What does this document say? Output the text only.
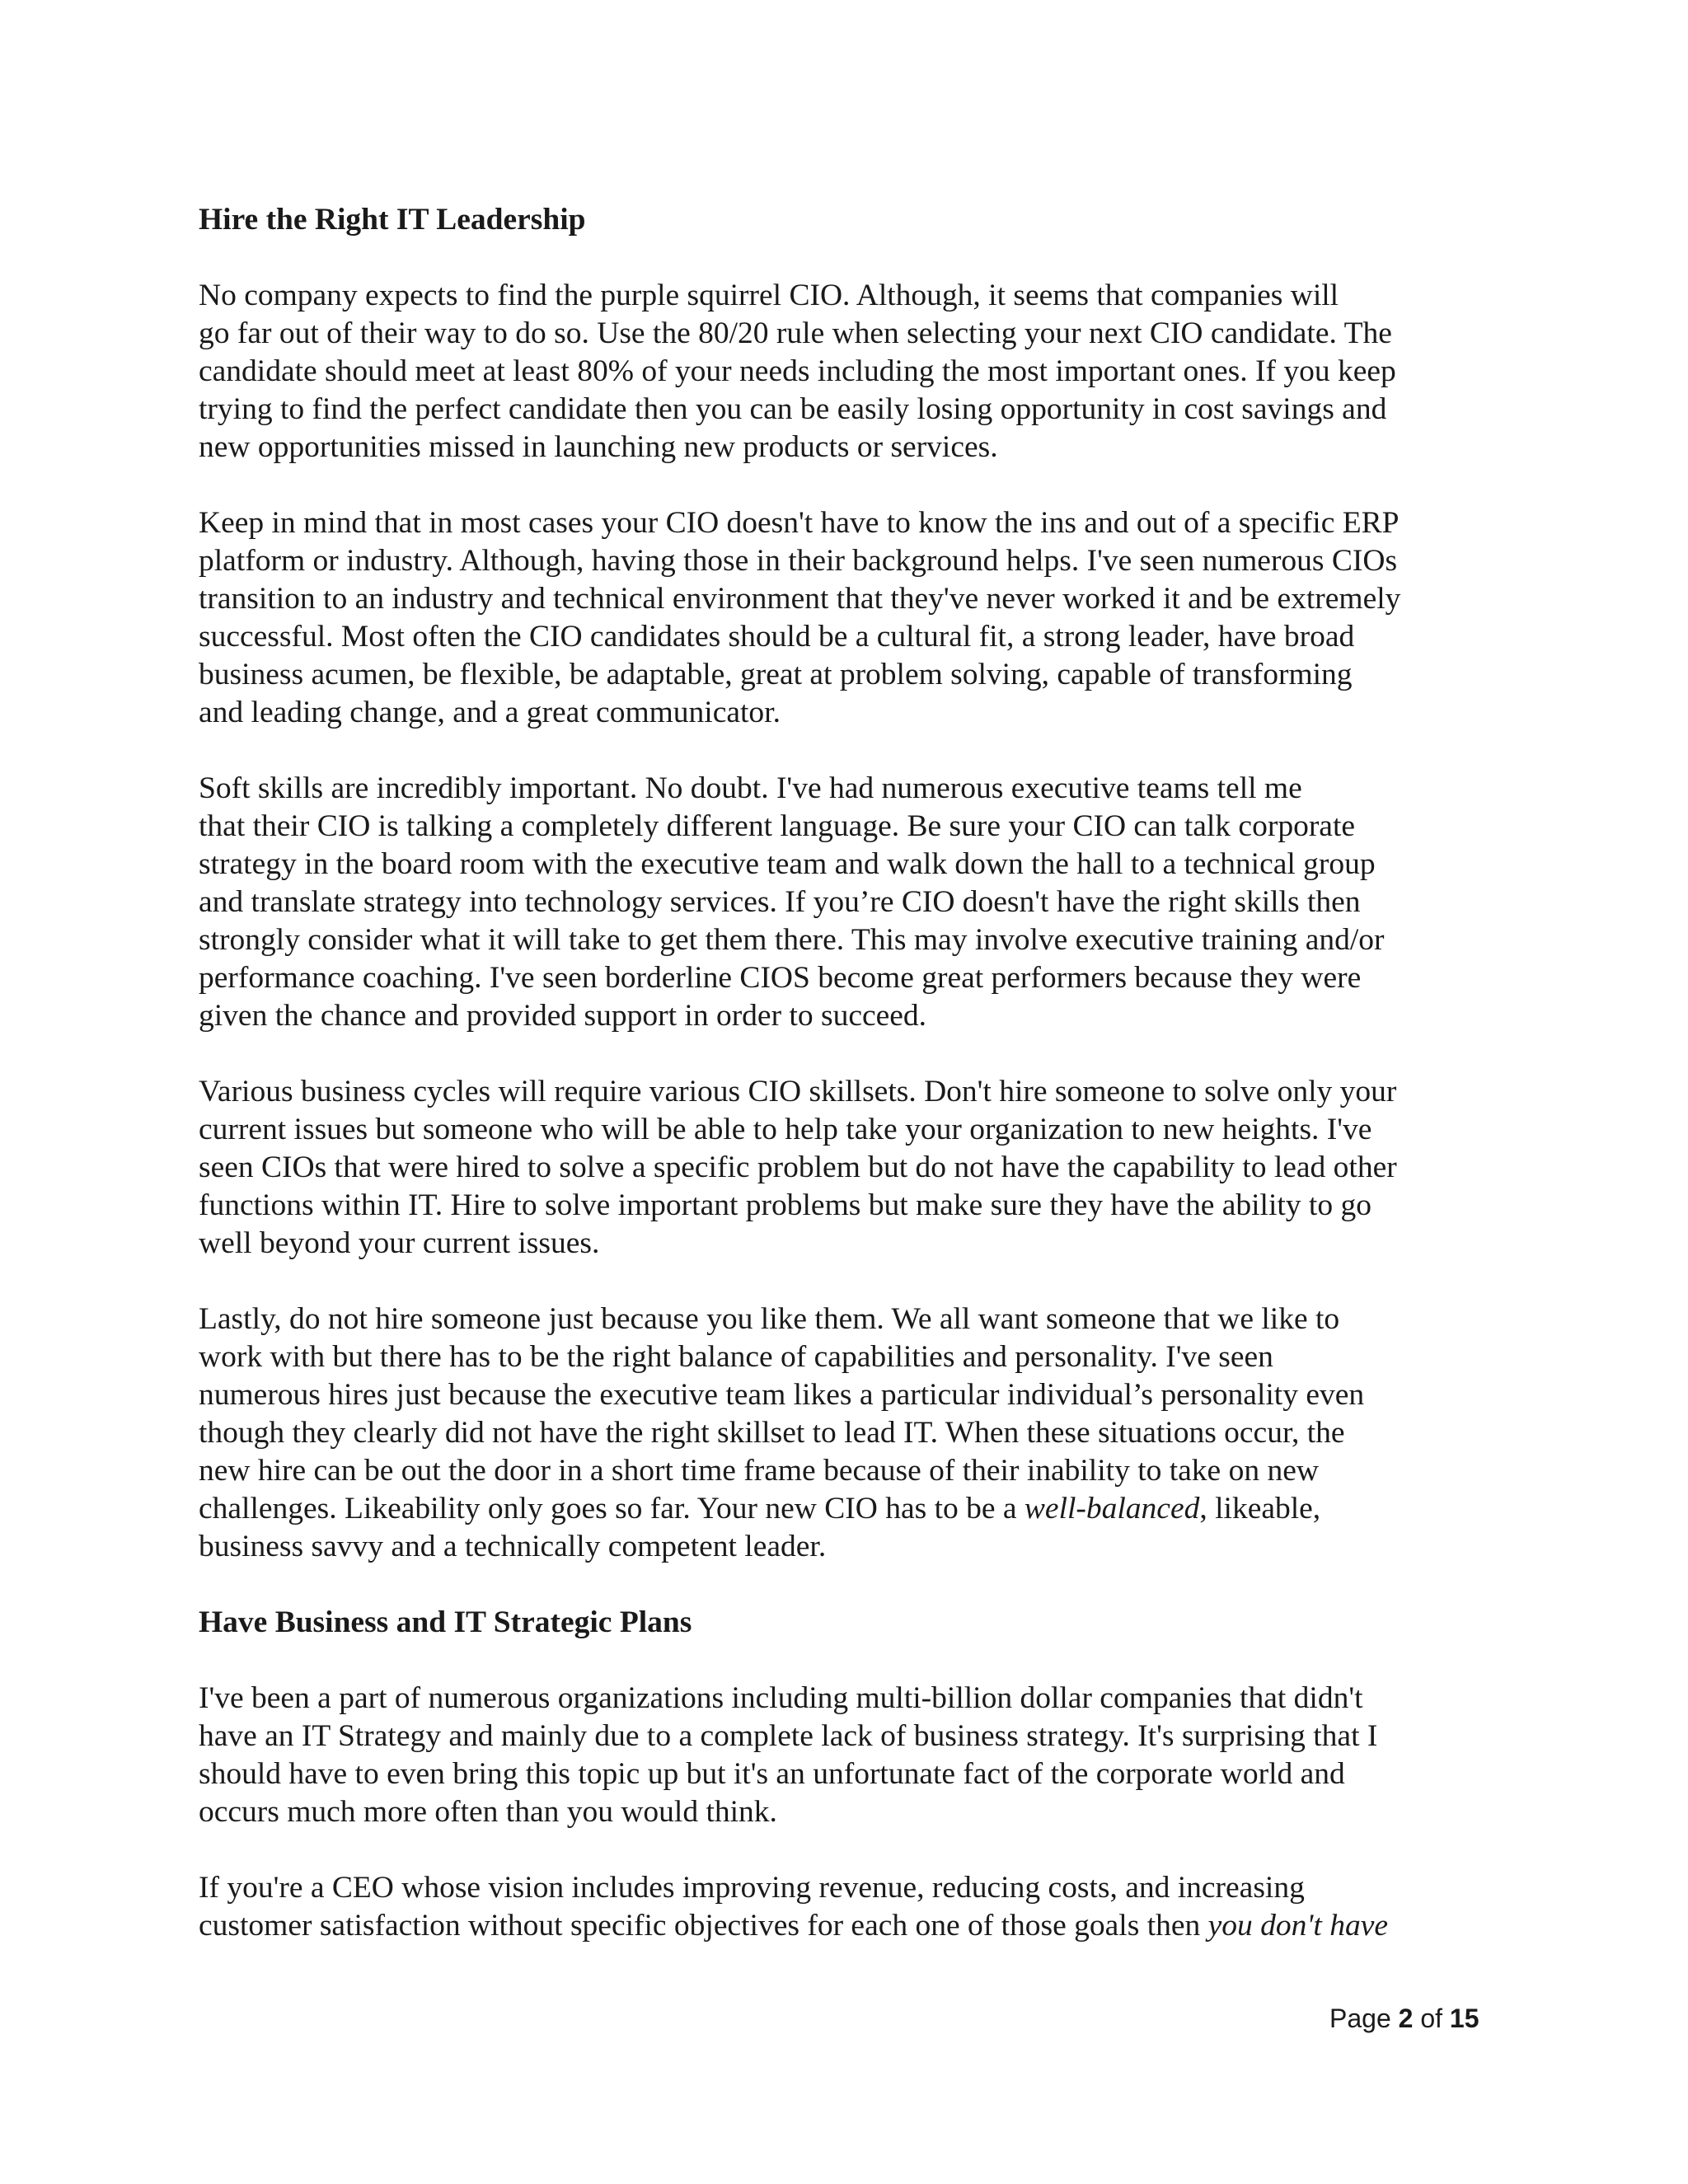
Hire the Right IT Leadership
No company expects to find the purple squirrel CIO. Although, it seems that companies will
go far out of their way to do so. Use the 80/20 rule when selecting your next CIO candidate. The
candidate should meet at least 80% of your needs including the most important ones. If you keep
trying to find the perfect candidate then you can be easily losing opportunity in cost savings and
new opportunities missed in launching new products or services.
Keep in mind that in most cases your CIO doesn't have to know the ins and out of a specific ERP
platform or industry. Although, having those in their background helps. I've seen numerous CIOs
transition to an industry and technical environment that they've never worked it and be extremely
successful. Most often the CIO candidates should be a cultural fit, a strong leader, have broad
business acumen, be flexible, be adaptable, great at problem solving, capable of transforming
and leading change, and a great communicator.
Soft skills are incredibly important. No doubt. I've had numerous executive teams tell me
that their CIO is talking a completely different language. Be sure your CIO can talk corporate
strategy in the board room with the executive team and walk down the hall to a technical group
and translate strategy into technology services. If you’re CIO doesn't have the right skills then
strongly consider what it will take to get them there. This may involve executive training and/or
performance coaching. I've seen borderline CIOS become great performers because they were
given the chance and provided support in order to succeed.
Various business cycles will require various CIO skillsets. Don't hire someone to solve only your
current issues but someone who will be able to help take your organization to new heights. I've
seen CIOs that were hired to solve a specific problem but do not have the capability to lead other
functions within IT. Hire to solve important problems but make sure they have the ability to go
well beyond your current issues.
Lastly, do not hire someone just because you like them. We all want someone that we like to
work with but there has to be the right balance of capabilities and personality. I've seen
numerous hires just because the executive team likes a particular individual’s personality even
though they clearly did not have the right skillset to lead IT. When these situations occur, the
new hire can be out the door in a short time frame because of their inability to take on new
challenges. Likeability only goes so far. Your new CIO has to be a well-balanced, likeable,
business savvy and a technically competent leader.
Have Business and IT Strategic Plans
I've been a part of numerous organizations including multi-billion dollar companies that didn't
have an IT Strategy and mainly due to a complete lack of business strategy. It's surprising that I
should have to even bring this topic up but it's an unfortunate fact of the corporate world and
occurs much more often than you would think.
If you're a CEO whose vision includes improving revenue, reducing costs, and increasing
customer satisfaction without specific objectives for each one of those goals then you don't have
Page 2 of 15
